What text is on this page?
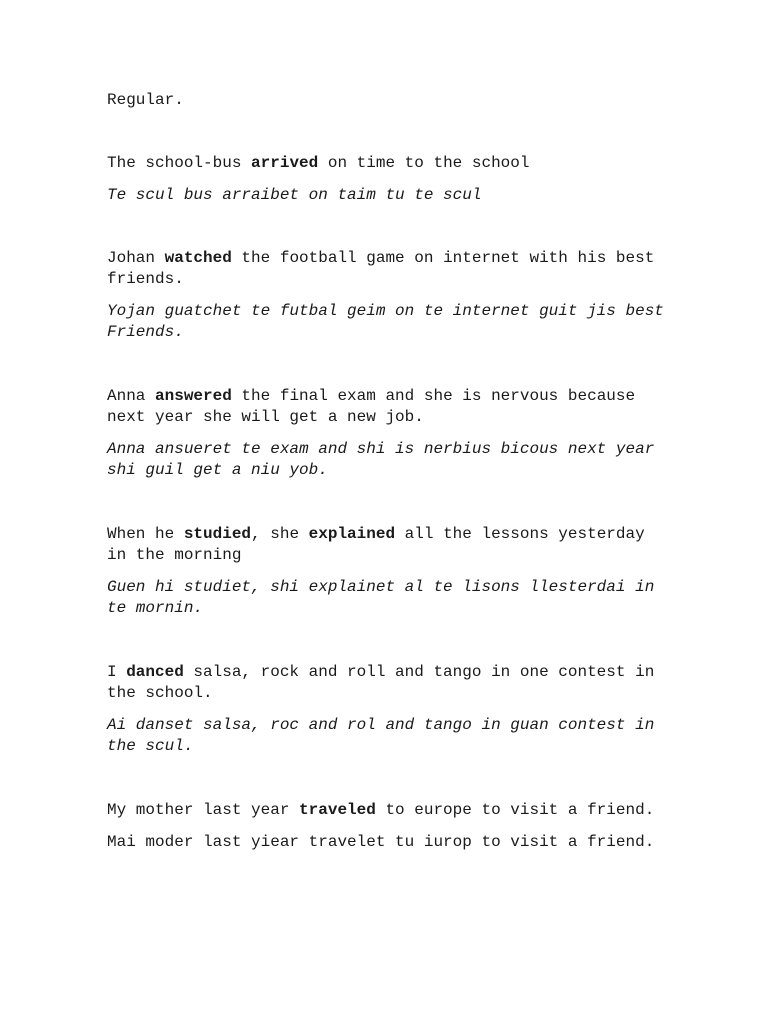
Regular.

The school-bus arrived on time to the school

Te scul bus arraibet on taim tu te scul

Johan watched the football game on internet with his best friends.

Yojan guatchet te futbal geim on te internet guit jis best Friends.

Anna answered the final exam and she is nervous because next year she will get a new job.

Anna ansueret te exam and shi is nerbius bicous next year shi guil get a niu yob.

When he studied, she explained all the lessons yesterday in the morning

Guen hi studiet, shi explainet al te lisons llesterdai in te mornin.

I danced salsa, rock and roll and tango in one contest in the school.

Ai danset salsa, roc and rol and tango in guan contest in the scul.

My mother last year traveled to europe to visit a friend.

Mai moder last yiear travelet tu iurop to visit a friend.
